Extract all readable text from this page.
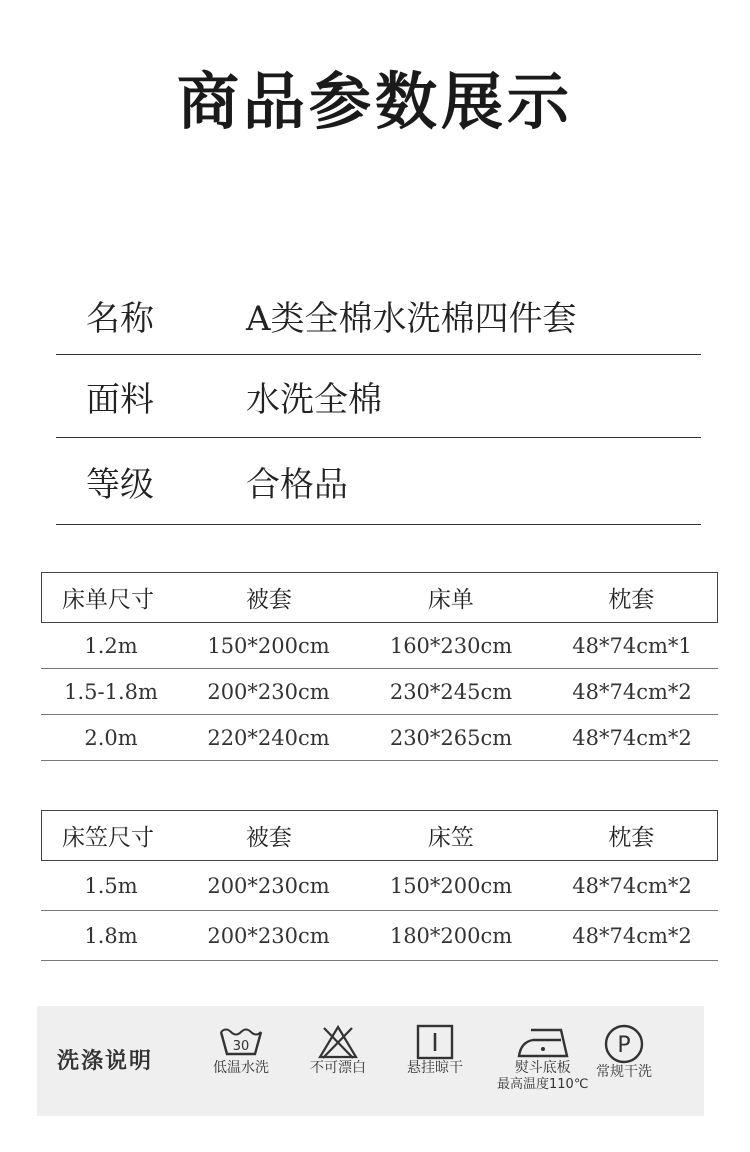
商品参数展示
名称	A类全棉水洗棉四件套
面料	水洗全棉
等级	合格品
床单尺寸	被套	床单	枕套
1.2m	150*200cm	160*230cm	48*74cm*1
1.5-1.8m	200*230cm	230*245cm	48*74cm*2
2.0m	220*240cm	230*265cm	48*74cm*2
床笠尺寸	被套	床笠	枕套
1.5m	200*230cm	150*200cm	48*74cm*2
1.8m	200*230cm	180*200cm	48*74cm*2
洗涤说明
30
低温水洗	不可漂白	悬挂晾干	熨斗底板
最高温度110℃
P
常规干洗
